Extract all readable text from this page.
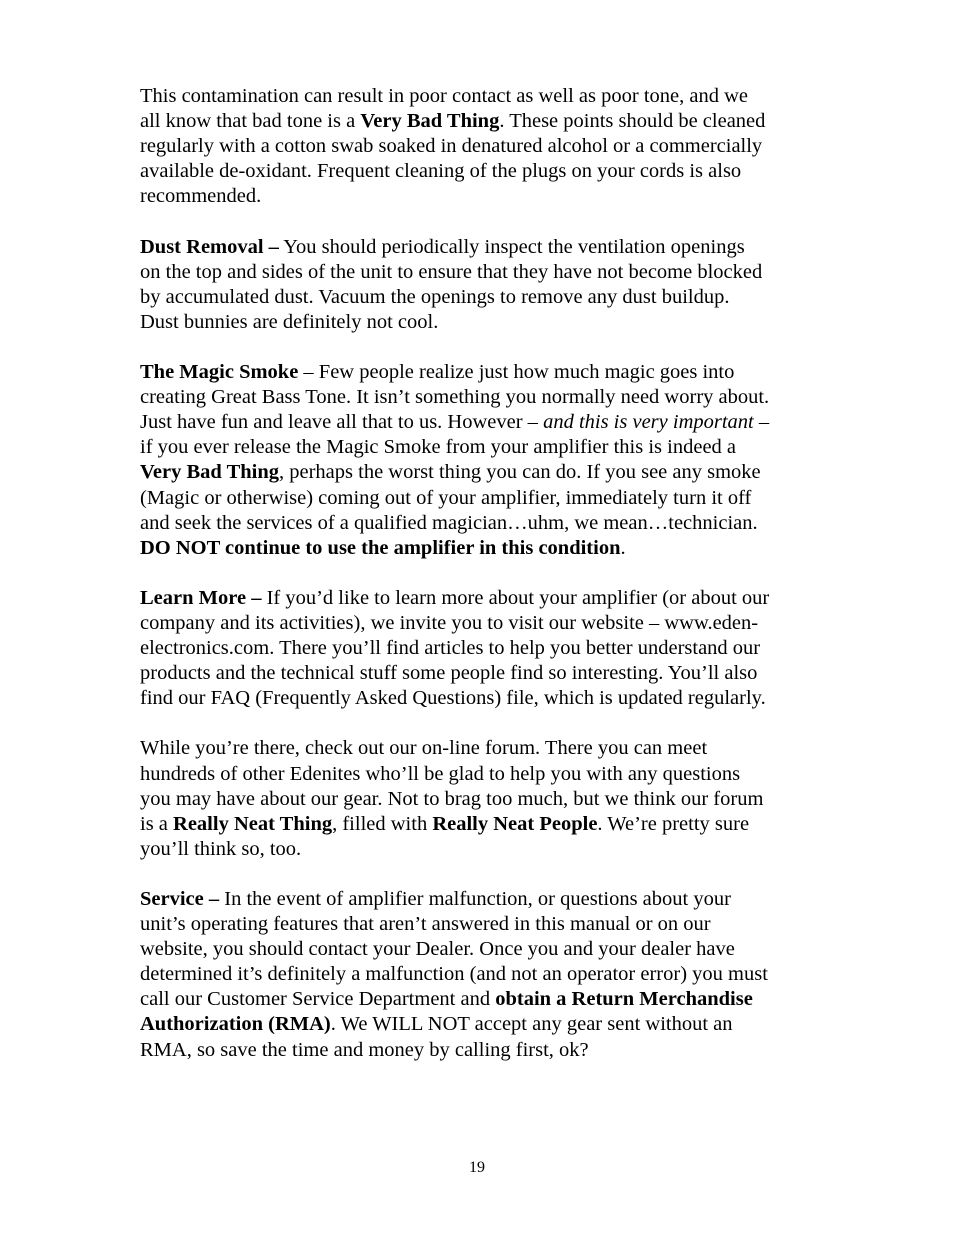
This contamination can result in poor contact as well as poor tone, and we
all know that bad tone is a Very Bad Thing. These points should be cleaned
regularly with a cotton swab soaked in denatured alcohol or a commercially
available de-oxidant. Frequent cleaning of the plugs on your cords is also
recommended.
Dust Removal – You should periodically inspect the ventilation openings
on the top and sides of the unit to ensure that they have not become blocked
by accumulated dust. Vacuum the openings to remove any dust buildup.
Dust bunnies are definitely not cool.
The Magic Smoke – Few people realize just how much magic goes into
creating Great Bass Tone. It isn’t something you normally need worry about.
Just have fun and leave all that to us. However – and this is very important –
if you ever release the Magic Smoke from your amplifier this is indeed a
Very Bad Thing, perhaps the worst thing you can do. If you see any smoke
(Magic or otherwise) coming out of your amplifier, immediately turn it off
and seek the services of a qualified magician…uhm, we mean…technician.
DO NOT continue to use the amplifier in this condition.
Learn More – If you’d like to learn more about your amplifier (or about our
company and its activities), we invite you to visit our website – www.eden-
electronics.com. There you’ll find articles to help you better understand our
products and the technical stuff some people find so interesting. You’ll also
find our FAQ (Frequently Asked Questions) file, which is updated regularly.
While you’re there, check out our on-line forum. There you can meet
hundreds of other Edenites who’ll be glad to help you with any questions
you may have about our gear. Not to brag too much, but we think our forum
is a Really Neat Thing, filled with Really Neat People. We’re pretty sure
you’ll think so, too.
Service – In the event of amplifier malfunction, or questions about your
unit’s operating features that aren’t answered in this manual or on our
website, you should contact your Dealer. Once you and your dealer have
determined it’s definitely a malfunction (and not an operator error) you must
call our Customer Service Department and obtain a Return Merchandise
Authorization (RMA). We WILL NOT accept any gear sent without an
RMA, so save the time and money by calling first, ok?
19
